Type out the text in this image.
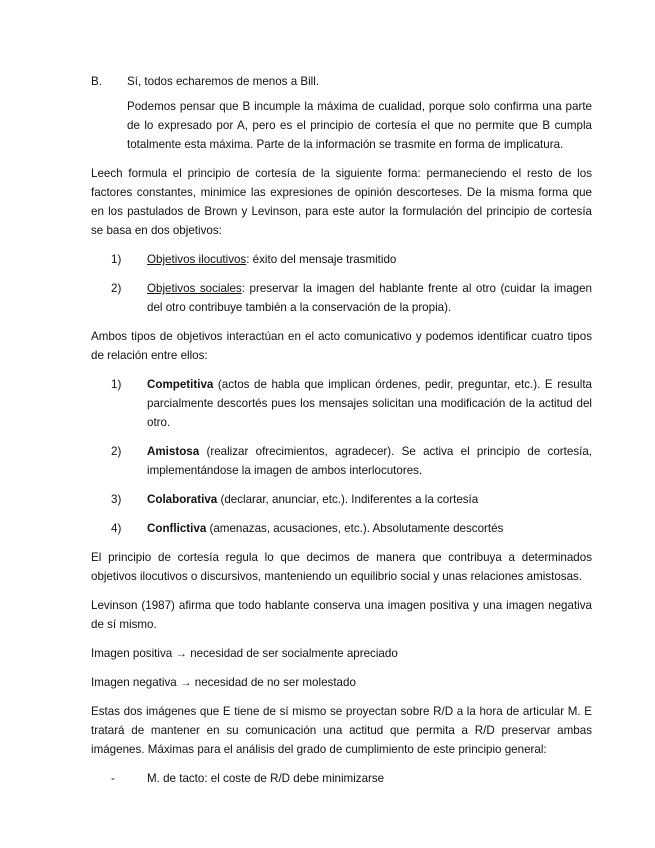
B. Sí, todos echaremos de menos a Bill.

Podemos pensar que B incumple la máxima de cualidad, porque solo confirma una parte de lo expresado por A, pero es el principio de cortesía el que no permite que B cumpla totalmente esta máxima. Parte de la información se trasmite en forma de implicatura.

Leech formula el principio de cortesía de la siguiente forma: permaneciendo el resto de los factores constantes, minimice las expresiones de opinión descorteses. De la misma forma que en los pastulados de Brown y Levinson, para este autor la formulación del principio de cortesía se basa en dos objetivos:

1) Objetivos ilocutivos: éxito del mensaje trasmitido
2) Objetivos sociales: preservar la imagen del hablante frente al otro (cuidar la imagen del otro contribuye también a la conservación de la propia).

Ambos tipos de objetivos interactúan en el acto comunicativo y podemos identificar cuatro tipos de relación entre ellos:

1) Competitiva (actos de habla que implican órdenes, pedir, preguntar, etc.). E resulta parcialmente descortés pues los mensajes solicitan una modificación de la actitud del otro.
2) Amistosa (realizar ofrecimientos, agradecer). Se activa el principio de cortesía, implementándose la imagen de ambos interlocutores.
3) Colaborativa (declarar, anunciar, etc.). Indiferentes a la cortesía
4) Conflictiva (amenazas, acusaciones, etc.). Absolutamente descortés

El principio de cortesía regula lo que decimos de manera que contribuya a determinados objetivos ilocutivos o discursivos, manteniendo un equilibrio social y unas relaciones amistosas.

Levinson (1987) afirma que todo hablante conserva una imagen positiva y una imagen negativa de sí mismo.

Imagen positiva → necesidad de ser socialmente apreciado

Imagen negativa → necesidad de no ser molestado

Estas dos imágenes que E tiene de sí mismo se proyectan sobre R/D a la hora de articular M. E tratará de mantener en su comunicación una actitud que permita a R/D preservar ambas imágenes. Máximas para el análisis del grado de cumplimiento de este principio general:

-	M. de tacto: el coste de R/D debe minimizarse
